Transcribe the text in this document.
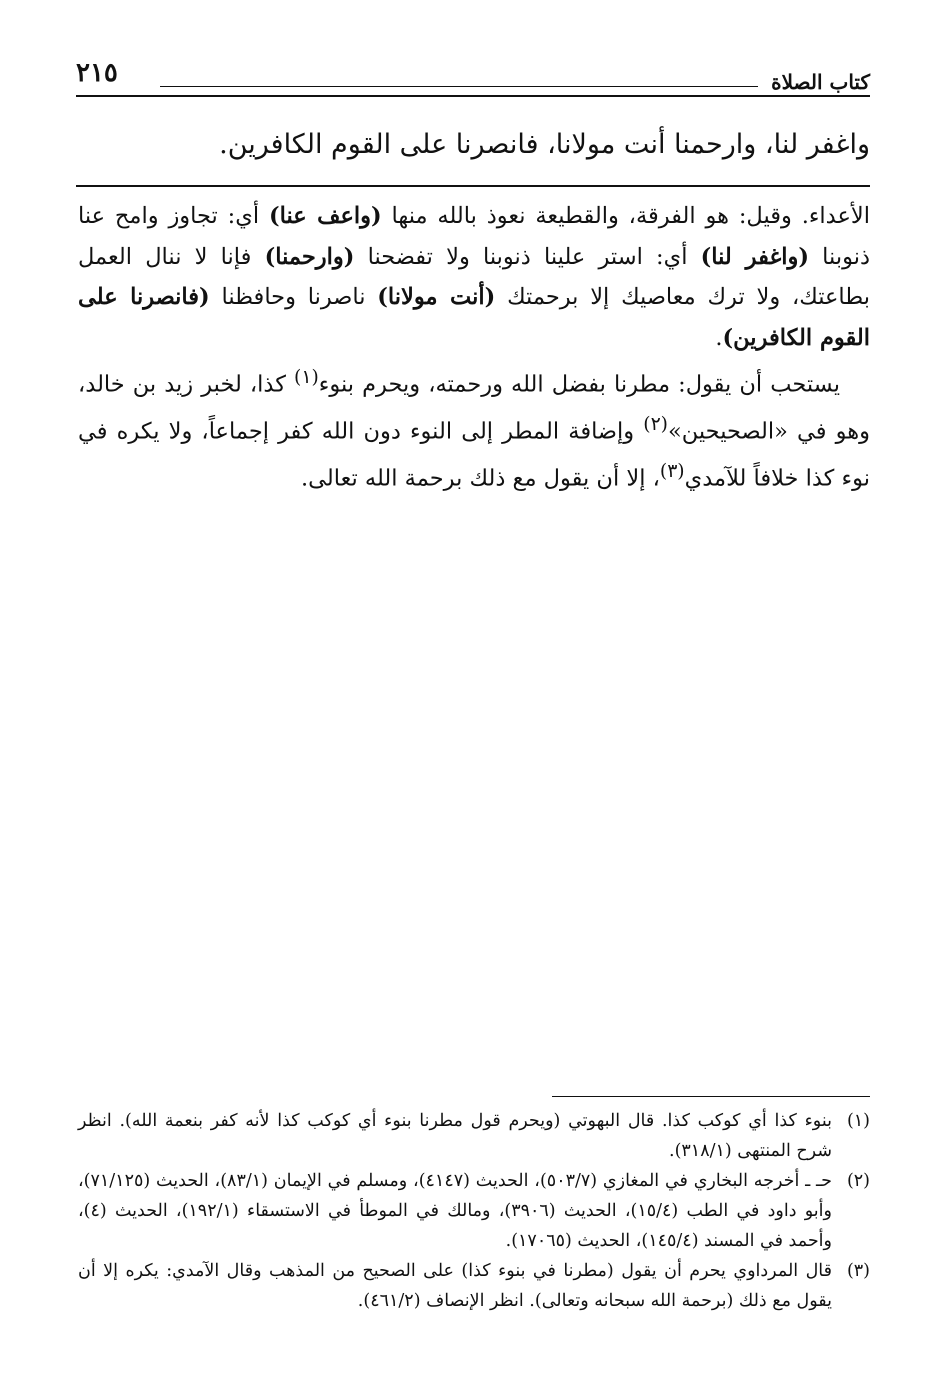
كتاب الصلاة
٢١٥
واغفر لنا، وارحمنا أنت مولانا، فانصرنا على القوم الكافرين.

الأعداء. وقيل: هو الفرقة، والقطيعة نعوذ بالله منها (واعف عنا) أي: تجاوز وامح عنا ذنوبنا (واغفر لنا) أي: استر علينا ذنوبنا ولا تفضحنا (وارحمنا) فإنا لا ننال العمل بطاعتك، ولا ترك معاصيك إلا برحمتك (أنت مولانا) ناصرنا وحافظنا (فانصرنا على القوم الكافرين).

يستحب أن يقول: مطرنا بفضل الله ورحمته، ويحرم بنوء$^{(١)}$ كذا، لخبر زيد بن خالد، وهو في «الصحيحين»$^{(٢)}$ وإضافة المطر إلى النوء دون الله كفر إجماعاً، ولا يكره في نوء كذا خلافاً للآمدي$^{(٣)}$، إلا أن يقول مع ذلك برحمة الله تعالى.

(١)
بنوء كذا أي كوكب كذا. قال البهوتي (ويحرم قول مطرنا بنوء أي كوكب كذا لأنه كفر بنعمة الله). انظر شرح المنتهى (٣١٨/١).
(٢)
حـ ـ أخرجه البخاري في المغازي (٥٠٣/٧)، الحديث (٤١٤٧)، ومسلم في الإيمان (٨٣/١)، الحديث (٧١/١٢٥)، وأبو داود في الطب (١٥/٤)، الحديث (٣٩٠٦)، ومالك في الموطأ في الاستسقاء (١٩٢/١)، الحديث (٤)، وأحمد في المسند (١٤٥/٤)، الحديث (١٧٠٦٥).
(٣)
قال المرداوي يحرم أن يقول (مطرنا في بنوء كذا) على الصحيح من المذهب وقال الآمدي: يكره إلا أن يقول مع ذلك (برحمة الله سبحانه وتعالى). انظر الإنصاف (٤٦١/٢).
